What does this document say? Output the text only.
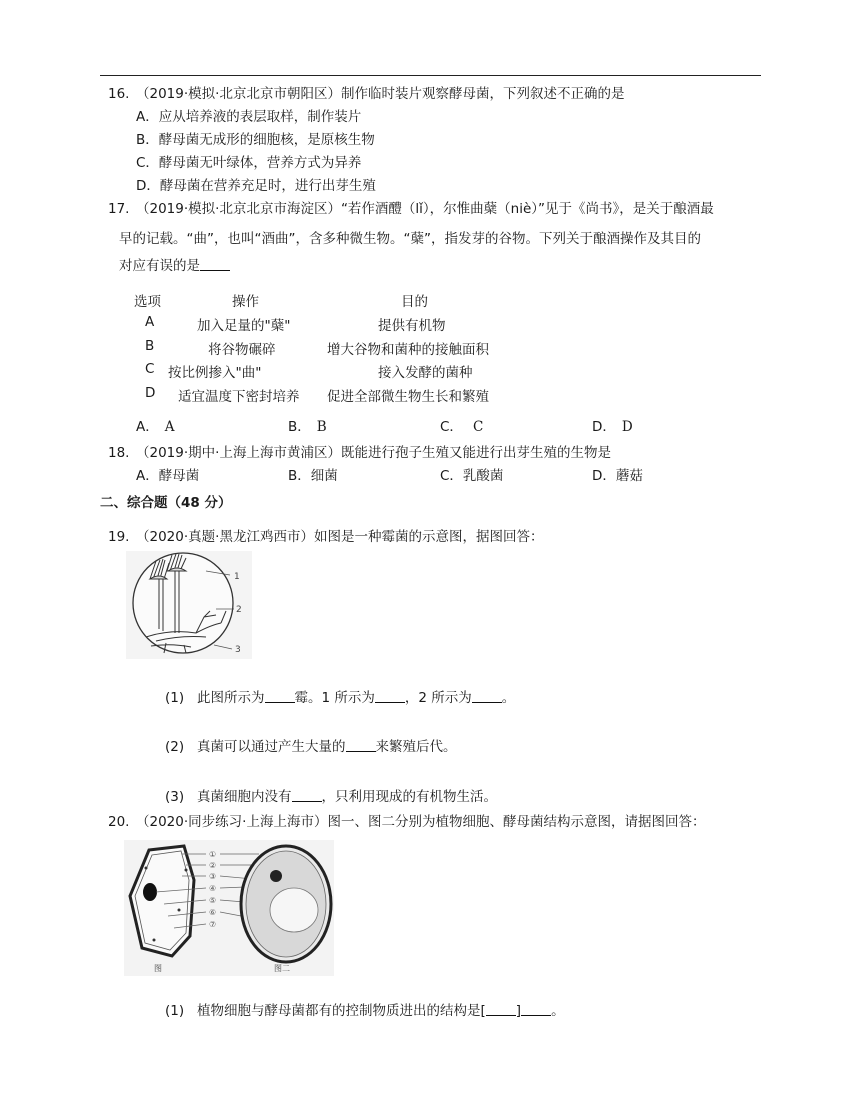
16. （2019·模拟·北京北京市朝阳区）制作临时装片观察酵母菌，下列叙述不正确的是
A．应从培养液的表层取样，制作装片
B．酵母菌无成形的细胞核，是原核生物
C．酵母菌无叶绿体，营养方式为异养
D．酵母菌在营养充足时，进行出芽生殖
17. （2019·模拟·北京北京市海淀区）“若作酒醴（lǐ），尔惟曲蘖（niè）”见于《尚书》，是关于酿酒最
早的记载。“曲”，也叫“酒曲”，含多种微生物。“蘖”，指发芽的谷物。下列关于酿酒操作及其目的
对应有误的是
选项	操作	目的
A	加入足量的"蘖"	提供有机物
B	将谷物碾碎	增大谷物和菌种的接触面积
C 按比例掺入"曲"	接入发酵的菌种
D 适宜温度下密封培养 促进全部微生物生长和繁殖
A． A	B． B	C． C	D． D
18. （2019·期中·上海上海市黄浦区）既能进行孢子生殖又能进行出芽生殖的生物是
A．酵母菌	B．细菌	C．乳酸菌	D．蘑菇
二、综合题（48 分）
19. （2020·真题·黑龙江鸡西市）如图是一种霉菌的示意图，据图回答：
1
2
3
(1) 此图所示为 霉。1 所示为 ，2 所示为 。
(2) 真菌可以通过产生大量的 来繁殖后代。
(3) 真菌细胞内没有 ，只利用现成的有机物生活。
20. （2020·同步练习·上海上海市）图一、图二分别为植物细胞、酵母菌结构示意图，请据图回答：
①
②
③
④
⑤
⑥
⑦
图	图二
(1) 植物细胞与酵母菌都有的控制物质进出的结构是[ ] 。
